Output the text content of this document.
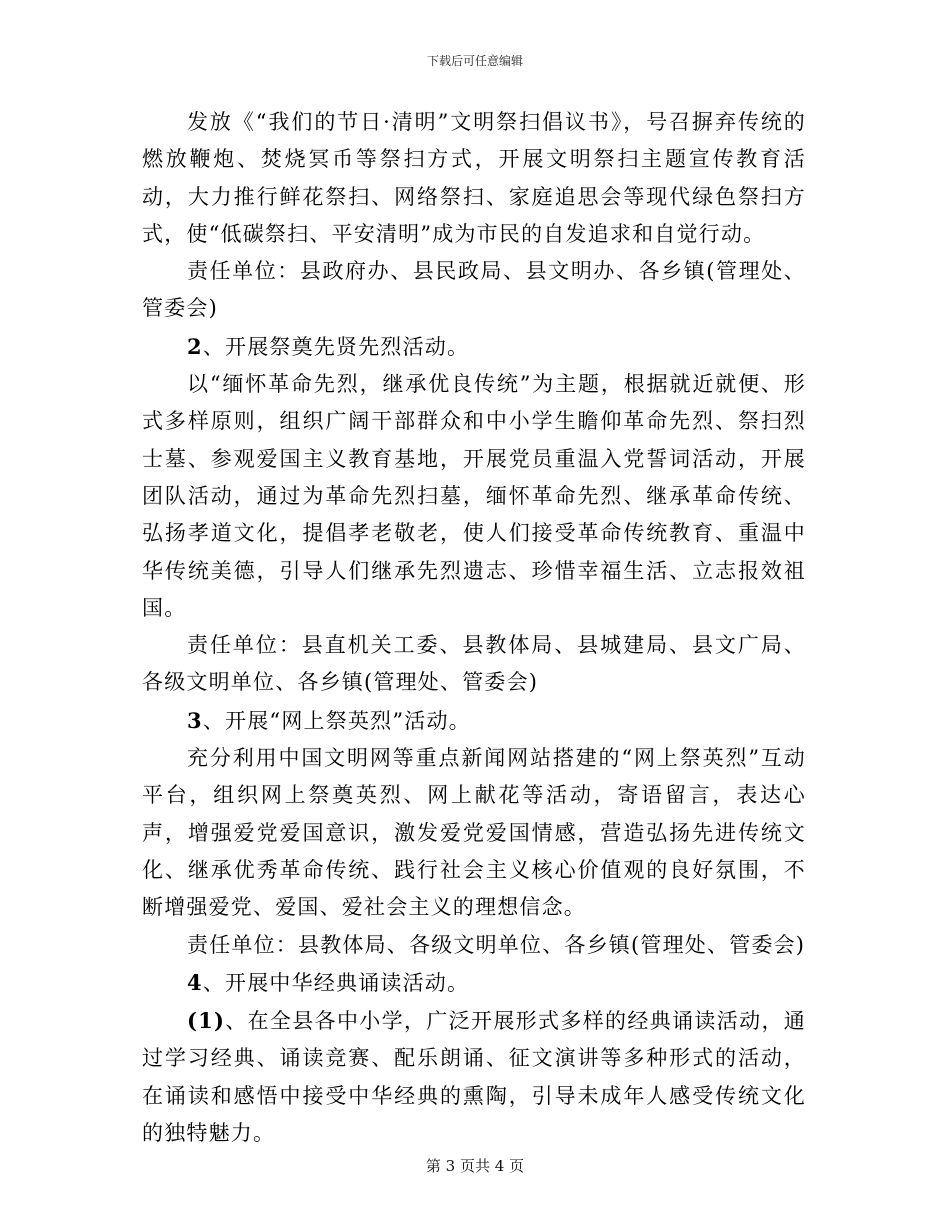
下载后可任意编辑

发放《“我们的节日·清明”文明祭扫倡议书》，号召摒弃传统的燃放鞭炮、焚烧冥币等祭扫方式，开展文明祭扫主题宣传教育活动，大力推行鲜花祭扫、网络祭扫、家庭追思会等现代绿色祭扫方式，使“低碳祭扫、平安清明”成为市民的自发追求和自觉行动。

责任单位：县政府办、县民政局、县文明办、各乡镇(管理处、管委会)

2、开展祭奠先贤先烈活动。

以“缅怀革命先烈，继承优良传统”为主题，根据就近就便、形式多样原则，组织广阔干部群众和中小学生瞻仰革命先烈、祭扫烈士墓、参观爱国主义教育基地，开展党员重温入党誓词活动，开展团队活动，通过为革命先烈扫墓，缅怀革命先烈、继承革命传统、弘扬孝道文化，提倡孝老敬老，使人们接受革命传统教育、重温中华传统美德，引导人们继承先烈遗志、珍惜幸福生活、立志报效祖国。

责任单位：县直机关工委、县教体局、县城建局、县文广局、各级文明单位、各乡镇(管理处、管委会)

3、开展“网上祭英烈”活动。

充分利用中国文明网等重点新闻网站搭建的“网上祭英烈”互动平台，组织网上祭奠英烈、网上献花等活动，寄语留言，表达心声，增强爱党爱国意识，激发爱党爱国情感，营造弘扬先进传统文化、继承优秀革命传统、践行社会主义核心价值观的良好氛围，不断增强爱党、爱国、爱社会主义的理想信念。

责任单位：县教体局、各级文明单位、各乡镇(管理处、管委会)

4、开展中华经典诵读活动。

(1)、在全县各中小学，广泛开展形式多样的经典诵读活动，通过学习经典、诵读竞赛、配乐朗诵、征文演讲等多种形式的活动，在诵读和感悟中接受中华经典的熏陶，引导未成年人感受传统文化的独特魅力。

第 3 页共 4 页
